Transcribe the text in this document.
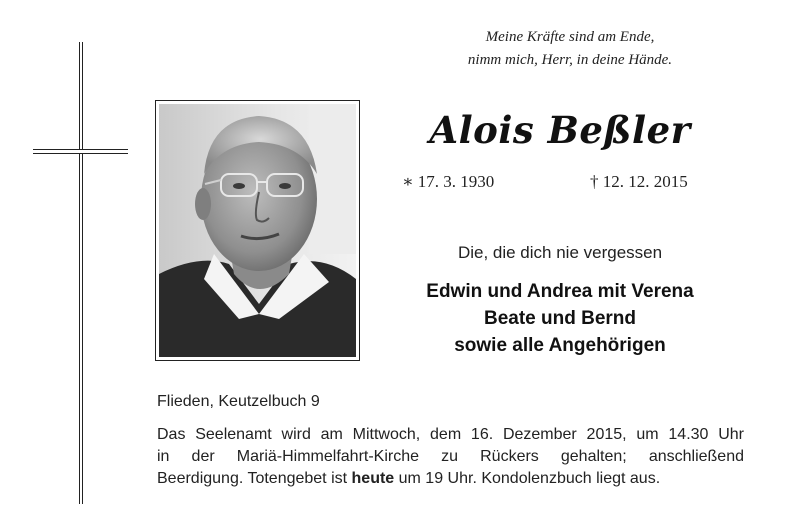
Meine Kräfte sind am Ende,
nimm mich, Herr, in deine Hände.
Alois Beßler
∗ 17. 3. 1930	† 12. 12. 2015
Die, die dich nie vergessen
Edwin und Andrea mit Verena
Beate und Bernd
sowie alle Angehörigen
Flieden, Keutzelbuch 9
Das Seelenamt wird am Mittwoch, dem 16. Dezember 2015, um 14.30 Uhr
in der Mariä-Himmelfahrt-Kirche zu Rückers gehalten; anschließend
Beerdigung. Totengebet ist heute um 19 Uhr. Kondolenzbuch liegt aus.
